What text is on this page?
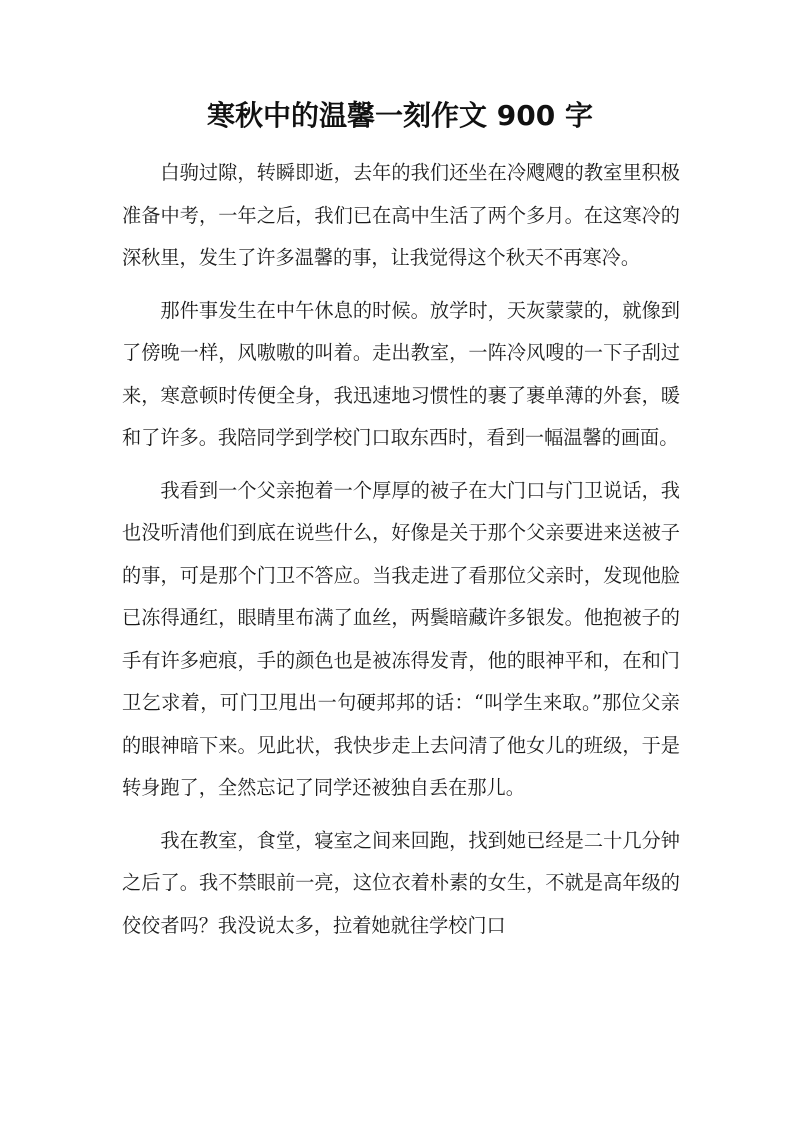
寒秋中的温馨一刻作文 900 字

白驹过隙，转瞬即逝，去年的我们还坐在冷飕飕的教室里积极准备中考，一年之后，我们已在高中生活了两个多月。在这寒冷的深秋里，发生了许多温馨的事，让我觉得这个秋天不再寒冷。

那件事发生在中午休息的时候。放学时，天灰蒙蒙的，就像到了傍晚一样，风嗷嗷的叫着。走出教室，一阵冷风嗖的一下子刮过来，寒意顿时传便全身，我迅速地习惯性的裹了裹单薄的外套，暖和了许多。我陪同学到学校门口取东西时，看到一幅温馨的画面。

我看到一个父亲抱着一个厚厚的被子在大门口与门卫说话，我也没听清他们到底在说些什么，好像是关于那个父亲要进来送被子的事，可是那个门卫不答应。当我走进了看那位父亲时，发现他脸已冻得通红，眼睛里布满了血丝，两鬓暗藏许多银发。他抱被子的手有许多疤痕，手的颜色也是被冻得发青，他的眼神平和，在和门卫乞求着，可门卫甩出一句硬邦邦的话：“叫学生来取。”那位父亲的眼神暗下来。见此状，我快步走上去问清了他女儿的班级，于是转身跑了，全然忘记了同学还被独自丢在那儿。

我在教室，食堂，寝室之间来回跑，找到她已经是二十几分钟之后了。我不禁眼前一亮，这位衣着朴素的女生，不就是高年级的佼佼者吗？我没说太多，拉着她就往学校门口
